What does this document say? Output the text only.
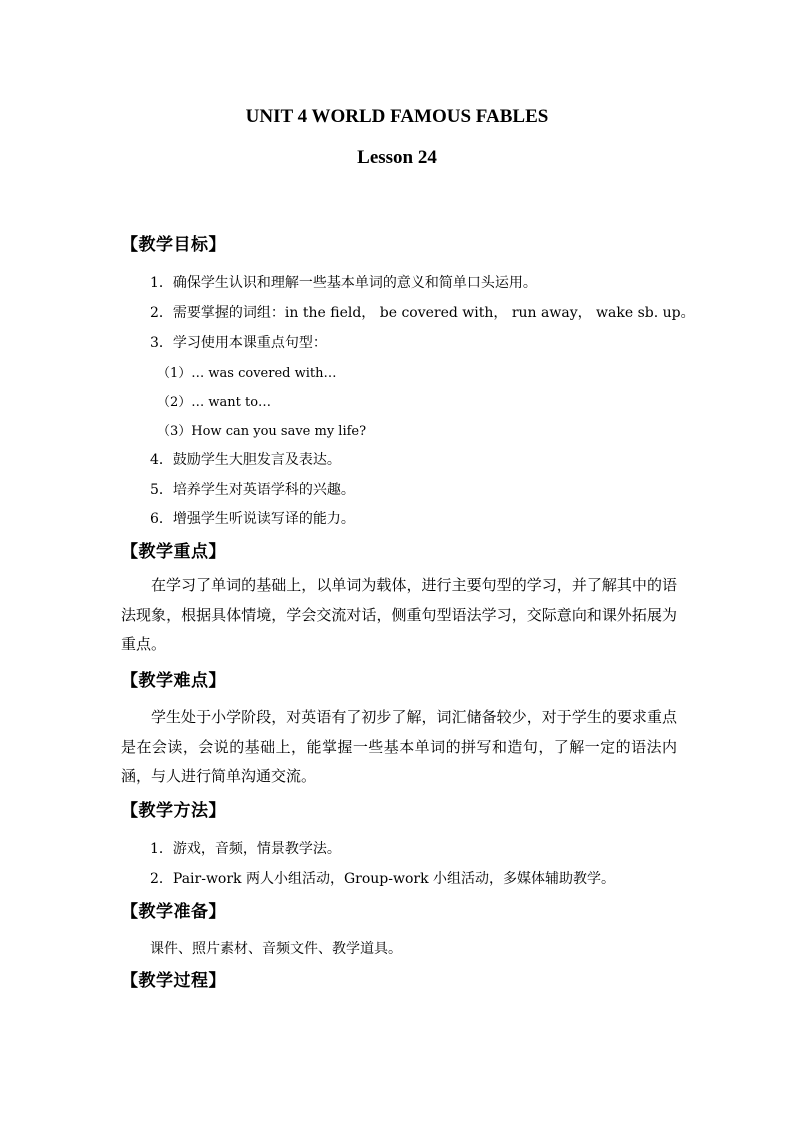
UNIT 4 WORLD FAMOUS FABLES
Lesson 24
【教学目标】
1．确保学生认识和理解一些基本单词的意义和简单口头运用。
2．需要掌握的词组：in the field， be covered with， run away， wake sb. up。
3．学习使用本课重点句型：
（1）… was covered with…
（2）… want to…
（3）How can you save my life?
4．鼓励学生大胆发言及表达。
5．培养学生对英语学科的兴趣。
6．增强学生听说读写译的能力。
【教学重点】
在学习了单词的基础上，以单词为载体，进行主要句型的学习，并了解其中的语法现象，根据具体情境，学会交流对话，侧重句型语法学习，交际意向和课外拓展为重点。
【教学难点】
学生处于小学阶段，对英语有了初步了解，词汇储备较少，对于学生的要求重点是在会读，会说的基础上，能掌握一些基本单词的拼写和造句，了解一定的语法内涵，与人进行简单沟通交流。
【教学方法】
1．游戏，音频，情景教学法。
2．Pair-work 两人小组活动，Group-work 小组活动，多媒体辅助教学。
【教学准备】
课件、照片素材、音频文件、教学道具。
【教学过程】
